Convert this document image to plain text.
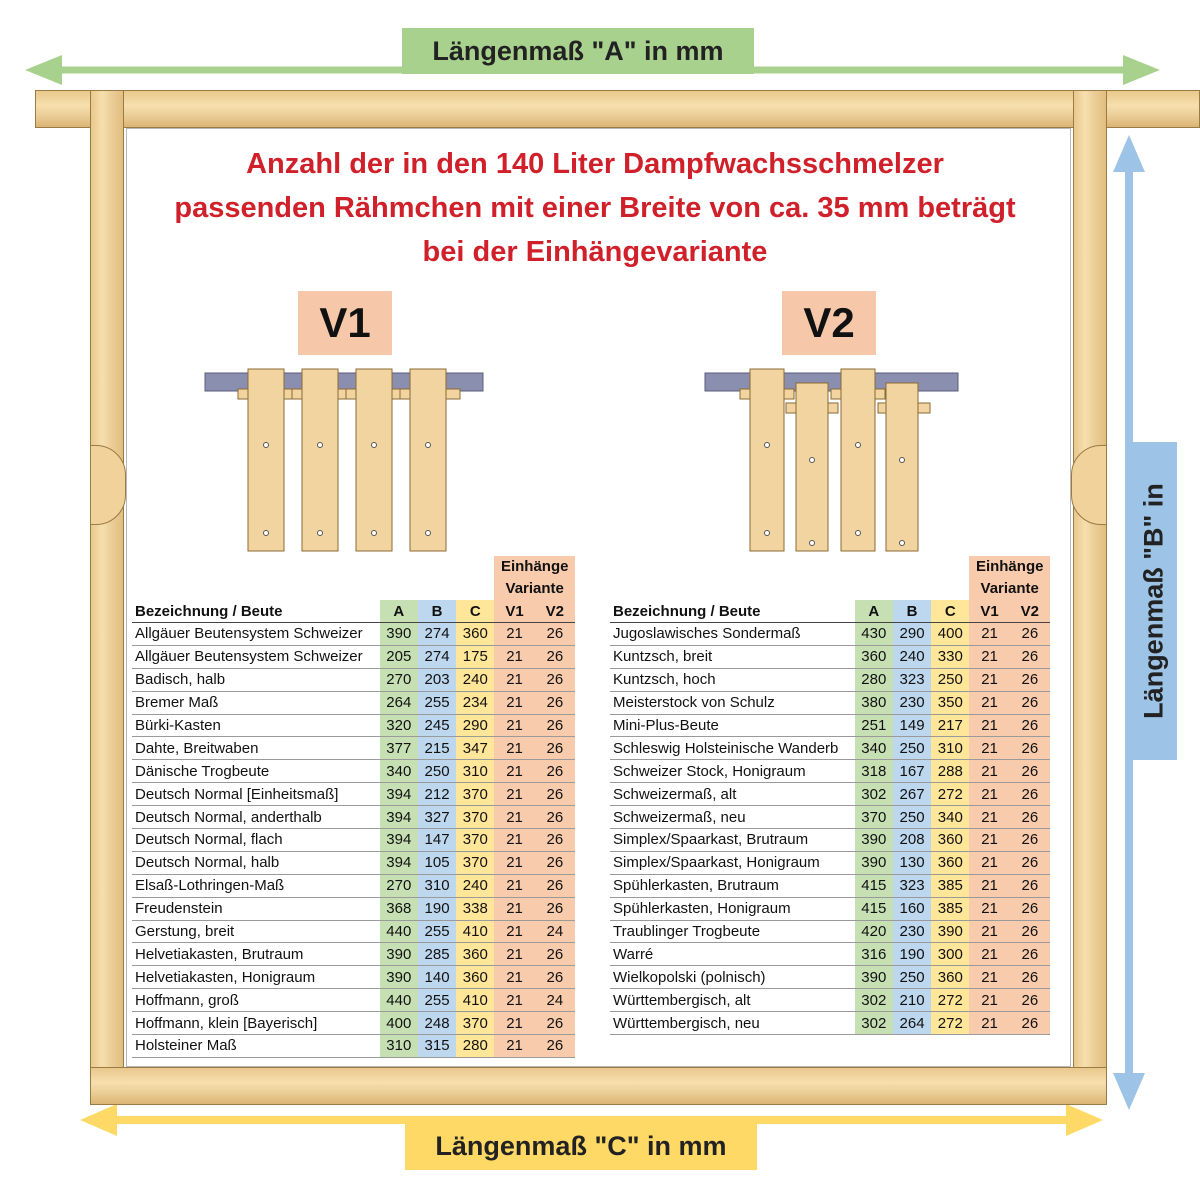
Längenmaß "A" in mm
Längenmaß "C" in mm
Längenmaß "B" in
Anzahl der in den 140 Liter Dampfwachsschmelzer
passenden Rähmchen mit einer Breite von ca. 35 mm beträgt
bei der Einhängevariante
V1	V2

				Einhänge
Variante	

Bezeichnung / Beute	A	B	C	V1	V2
Allgäuer Beutensystem Schweizer	390	274	360	21	26
Allgäuer Beutensystem Schweizer	205	274	175	21	26
Badisch, halb	270	203	240	21	26
Bremer Maß	264	255	234	21	26
Bürki-Kasten	320	245	290	21	26
Dahte, Breitwaben	377	215	347	21	26
Dänische Trogbeute	340	250	310	21	26
Deutsch Normal [Einheitsmaß]	394	212	370	21	26
Deutsch Normal, anderthalb	394	327	370	21	26
Deutsch Normal, flach	394	147	370	21	26
Deutsch Normal, halb	394	105	370	21	26
Elsaß-Lothringen-Maß	270	310	240	21	26
Freudenstein	368	190	338	21	26
Gerstung, breit	440	255	410	21	24
Helvetiakasten, Brutraum	390	285	360	21	26
Helvetiakasten, Honigraum	390	140	360	21	26
Hoffmann, groß	440	255	410	21	24
Hoffmann, klein [Bayerisch]	400	248	370	21	26
Holsteiner Maß	310	315	280	21	26

				Einhänge
Variante	

Bezeichnung / Beute	A	B	C	V1	V2
Jugoslawisches Sondermaß	430	290	400	21	26
Kuntzsch, breit	360	240	330	21	26
Kuntzsch, hoch	280	323	250	21	26
Meisterstock von Schulz	380	230	350	21	26
Mini-Plus-Beute	251	149	217	21	26
Schleswig Holsteinische Wanderb	340	250	310	21	26
Schweizer Stock, Honigraum	318	167	288	21	26
Schweizermaß, alt	302	267	272	21	26
Schweizermaß, neu	370	250	340	21	26
Simplex/Spaarkast, Brutraum	390	208	360	21	26
Simplex/Spaarkast, Honigraum	390	130	360	21	26
Spühlerkasten, Brutraum	415	323	385	21	26
Spühlerkasten, Honigraum	415	160	385	21	26
Traublinger Trogbeute	420	230	390	21	26
Warré	316	190	300	21	26
Wielkopolski (polnisch)	390	250	360	21	26
Württembergisch, alt	302	210	272	21	26
Württembergisch, neu	302	264	272	21	26
